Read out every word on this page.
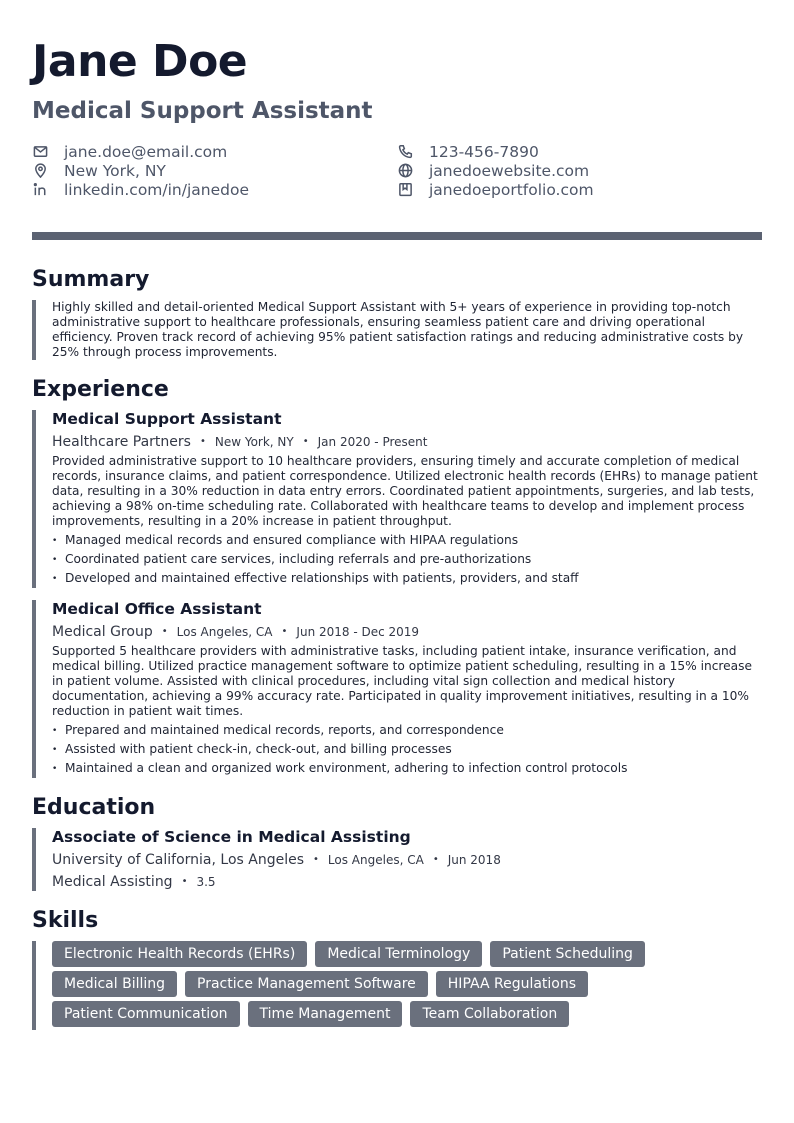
Jane Doe
Medical Support Assistant
jane.doe@email.com
New York, NY
linkedin.com/in/janedoe
123-456-7890
janedoewebsite.com
janedoeportfolio.com
Summary

Highly skilled and detail-oriented Medical Support Assistant with 5+ years of experience in providing top-notch administrative support to healthcare professionals, ensuring seamless patient care and driving operational efficiency. Proven track record of achieving 95% patient satisfaction ratings and reducing administrative costs by 25% through process improvements.

Experience
Medical Support Assistant
Healthcare Partners • New York, NY • Jan 2020 - Present

Provided administrative support to 10 healthcare providers, ensuring timely and accurate completion of medical records, insurance claims, and patient correspondence. Utilized electronic health records (EHRs) to manage patient data, resulting in a 30% reduction in data entry errors. Coordinated patient appointments, surgeries, and lab tests, achieving a 98% on-time scheduling rate. Collaborated with healthcare teams to develop and implement process improvements, resulting in a 20% increase in patient throughput.

• Managed medical records and ensured compliance with HIPAA regulations
• Coordinated patient care services, including referrals and pre-authorizations
• Developed and maintained effective relationships with patients, providers, and staff
Medical Office Assistant
Medical Group • Los Angeles, CA • Jun 2018 - Dec 2019

Supported 5 healthcare providers with administrative tasks, including patient intake, insurance verification, and medical billing. Utilized practice management software to optimize patient scheduling, resulting in a 15% increase in patient volume. Assisted with clinical procedures, including vital sign collection and medical history documentation, achieving a 99% accuracy rate. Participated in quality improvement initiatives, resulting in a 10% reduction in patient wait times.

• Prepared and maintained medical records, reports, and correspondence
• Assisted with patient check-in, check-out, and billing processes
• Maintained a clean and organized work environment, adhering to infection control protocols
Education
Associate of Science in Medical Assisting
University of California, Los Angeles • Los Angeles, CA • Jun 2018
Medical Assisting • 3.5
Skills
Electronic Health Records (EHRs)	Medical Terminology	Patient Scheduling
Medical Billing	Practice Management Software	HIPAA Regulations
Patient Communication	Time Management	Team Collaboration
